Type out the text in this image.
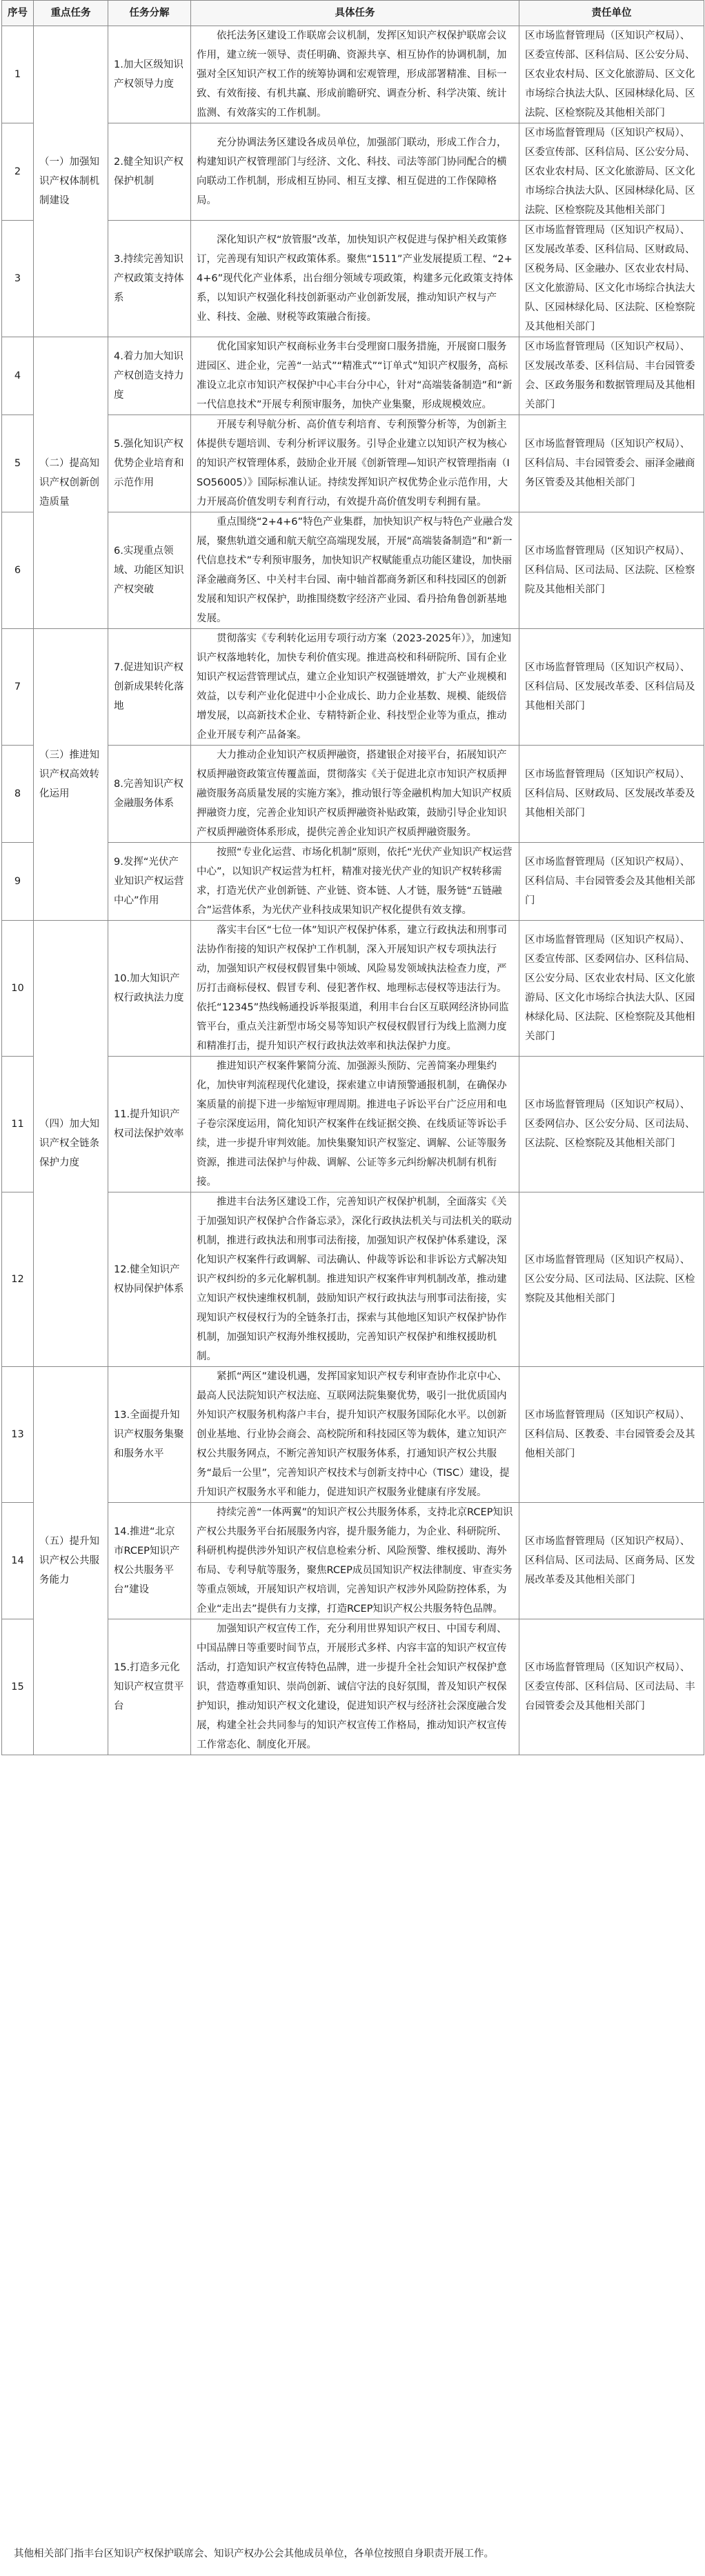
序号	重点任务	任务分解	具体任务	责任单位
1	（一）加强知识产权体制机制建设	1.加大区级知识产权领导力度	依托法务区建设工作联席会议机制，发挥区知识产权保护联席会议作用，建立统一领导、责任明确、资源共享、相互协作的协调机制，加强对全区知识产权工作的统筹协调和宏观管理，形成部署精准、目标一致、有效衔接、有机共赢、形成前瞻研究、调查分析、科学决策、统计监测、有效落实的工作机制。	区市场监督管理局（区知识产权局）、区委宣传部、区科信局、区公安分局、区农业农村局、区文化旅游局、区文化市场综合执法大队、区园林绿化局、区法院、区检察院及其他相关部门
2		2.健全知识产权保护机制	充分协调法务区建设各成员单位，加强部门联动，形成工作合力，构建知识产权管理部门与经济、文化、科技、司法等部门协同配合的横向联动工作机制，形成相互协同、相互支撑、相互促进的工作保障格局。	区市场监督管理局（区知识产权局）、区委宣传部、区科信局、区公安分局、区农业农村局、区文化旅游局、区文化市场综合执法大队、区园林绿化局、区法院、区检察院及其他相关部门
3		3.持续完善知识产权政策支持体系	深化知识产权“放管服”改革，加快知识产权促进与保护相关政策修订，完善现有知识产权政策体系。聚焦“1511”产业发展提质工程、“2+4+6”现代化产业体系，出台细分领域专项政策，构建多元化政策支持体系，以知识产权强化科技创新驱动产业创新发展，推动知识产权与产业、科技、金融、财税等政策融合衔接。	区市场监督管理局（区知识产权局）、区发展改革委、区科信局、区财政局、区税务局、区金融办、区农业农村局、区文化旅游局、区文化市场综合执法大队、区园林绿化局、区法院、区检察院及其他相关部门
4	（二）提高知识产权创新创造质量	4.着力加大知识产权创造支持力度	优化国家知识产权商标业务丰台受理窗口服务措施，开展窗口服务进园区、进企业，完善“一站式”“精准式”“订单式”知识产权服务，高标准设立北京市知识产权保护中心丰台分中心，针对“高端装备制造”和“新一代信息技术”开展专利预审服务，加快产业集聚，形成规模效应。	区市场监督管理局（区知识产权局）、区发展改革委、区科信局、丰台园管委会、区政务服务和数据管理局及其他相关部门
5		5.强化知识产权优势企业培育和示范作用	开展专利导航分析、高价值专利培育、专利预警分析等，为创新主体提供专题培训、专利分析评议服务。引导企业建立以知识产权为核心的知识产权管理体系，鼓励企业开展《创新管理—知识产权管理指南（ISO56005）》国际标准认证。持续发挥知识产权优势企业示范作用，大力开展高价值发明专利育行动，有效提升高价值发明专利拥有量。	区市场监督管理局（区知识产权局）、区科信局、丰台园管委会、丽泽金融商务区管委及其他相关部门
6		6.实现重点领域、功能区知识产权突破	重点围绕“2+4+6”特色产业集群，加快知识产权与特色产业融合发展，聚焦轨道交通和航天航空高端现发展，开展“高端装备制造”和“新一代信息技术”专利预审服务，加快知识产权赋能重点功能区建设，加快丽泽金融商务区、中关村丰台园、南中轴首都商务新区和科技园区的创新发展和知识产权保护，助推围绕数字经济产业园、看丹拾角鲁创新基地发展。	区市场监督管理局（区知识产权局）、区科信局、区司法局、区法院、区检察院及其他相关部门
7	（三）推进知识产权高效转化运用	7.促进知识产权创新成果转化落地	贯彻落实《专利转化运用专项行动方案（2023-2025年）》，加速知识产权落地转化，加快专利价值实现。推进高校和科研院所、国有企业知识产权运营管理试点，建立企业知识产权强链增效，扩大产业规模和效益，以专利产业化促进中小企业成长、助力企业基数、规模、能级倍增发展，以高新技术企业、专精特新企业、科技型企业等为重点，推动企业开展专利产品备案。	区市场监督管理局（区知识产权局）、区科信局、区发展改革委、区科信局及其他相关部门
8		8.完善知识产权金融服务体系	大力推动企业知识产权质押融资，搭建银企对接平台，拓展知识产权质押融资政策宣传覆盖面，贯彻落实《关于促进北京市知识产权质押融资服务高质量发展的实施方案》，推动银行等金融机构加大知识产权质押融资力度，完善企业知识产权质押融资补贴政策，鼓励引导企业知识产权质押融资体系形成，提供完善企业知识产权质押融资服务。	区市场监督管理局（区知识产权局）、区科信局、区财政局、区发展改革委及其他相关部门
9		9.发挥“光伏产业知识产权运营中心”作用	按照“专业化运营、市场化机制”原则，依托“光伏产业知识产权运营中心”，以知识产权运营为杠杆，精准对接光伏产业的知识产权转移需求，打造光伏产业创新链、产业链、资本链、人才链，服务链“五链融合”运营体系，为光伏产业科技成果知识产权化提供有效支撑。	区市场监督管理局（区知识产权局）、区科信局、丰台园管委会及其他相关部门
10	（四）加大知识产权全链条保护力度	10.加大知识产权行政执法力度	落实丰台区“七位一体”知识产权保护体系，建立行政执法和刑事司法协作衔接的知识产权保护工作机制，深入开展知识产权专项执法行动，加强知识产权侵权假冒集中领域、风险易发领域执法检查力度，严厉打击商标侵权、假冒专利、侵犯著作权、地理标志侵权等违法行为。依托“12345”热线畅通投诉举报渠道，利用丰台台区互联网经济协同监管平台，重点关注新型市场交易等知识产权侵权假冒行为线上监测力度和精准打击，提升知识产权行政执法效率和执法保护力度。	区市场监督管理局（区知识产权局）、区委宣传部、区委网信办、区科信局、区公安分局、区农业农村局、区文化旅游局、区文化市场综合执法大队、区园林绿化局、区法院、区检察院及其他相关部门
11		11.提升知识产权司法保护效率	推进知识产权案件繁简分流、加强源头预防、完善简案办理集约化，加快审判流程现代化建设，探索建立申请预警通报机制，在确保办案质量的前提下进一步缩短审理周期。推进电子诉讼平台广泛应用和电子卷宗深度运用，简化知识产权案件在线证据交换、在线质证等诉讼手续，进一步提升审判效能。加快集聚知识产权鉴定、调解、公证等服务资源，推进司法保护与仲裁、调解、公证等多元纠纷解决机制有机衔接。	区市场监督管理局（区知识产权局）、区委网信办、区公安分局、区司法局、区法院、区检察院及其他相关部门
12		12.健全知识产权协同保护体系	推进丰台法务区建设工作，完善知识产权保护机制，全面落实《关于加强知识产权保护合作备忘录》，深化行政执法机关与司法机关的联动机制，推进行政执法和刑事司法衔接，加强知识产权保护体系建设，深化知识产权案件行政调解、司法确认、仲裁等诉讼和非诉讼方式解决知识产权纠纷的多元化解机制。推进知识产权案件审判机制改革，推动建立知识产权快速维权机制，鼓励知识产权行政执法与刑事司法衔接，实现知识产权侵权行为的全链条打击，探索与其他地区知识产权保护协作机制，加强知识产权海外维权援助，完善知识产权保护和维权援助机制。	区市场监督管理局（区知识产权局）、区公安分局、区司法局、区法院、区检察院及其他相关部门
13	（五）提升知识产权公共服务能力	13.全面提升知识产权服务集聚和服务水平	紧抓“两区”建设机遇，发挥国家知识产权专利审查协作北京中心、最高人民法院知识产权法庭、互联网法院集聚优势，吸引一批优质国内外知识产权服务机构落户丰台，提升知识产权服务国际化水平。以创新创业基地、行业协会商会、高校院所和科技园区等为载体，建立知识产权公共服务网点，不断完善知识产权服务体系，打通知识产权公共服务“最后一公里”，完善知识产权技术与创新支持中心（TISC）建设，提升知识产权服务水平和能力，促进知识产权服务业健康有序发展。	区市场监督管理局（区知识产权局）、区科信局、区教委、丰台园管委会及其他相关部门
14		14.推进“北京市RCEP知识产权公共服务平台”建设	持续完善“一体两翼”的知识产权公共服务体系，支持北京RCEP知识产权公共服务平台拓展服务内容，提升服务能力，为企业、科研院所、科研机构提供涉外知识产权信息检索分析、风险预警、维权援助、海外布局、专利导航等服务，聚焦RCEP成员国知识产权法律制度、审查实务等重点领域，开展知识产权培训，完善知识产权涉外风险防控体系，为企业“走出去”提供有力支撑，打造RCEP知识产权公共服务特色品牌。	区市场监督管理局（区知识产权局）、区科信局、区司法局、区商务局、区发展改革委及其他相关部门
15		15.打造多元化知识产权宣贯平台	加强知识产权宣传工作，充分利用世界知识产权日、中国专利周、中国品牌日等重要时间节点，开展形式多样、内容丰富的知识产权宣传活动，打造知识产权宣传特色品牌，进一步提升全社会知识产权保护意识，营造尊重知识、崇尚创新、诚信守法的良好氛围，普及知识产权保护知识，推动知识产权文化建设，促进知识产权与经济社会深度融合发展，构建全社会共同参与的知识产权宣传工作格局，推动知识产权宣传工作常态化、制度化开展。	区市场监督管理局（区知识产权局）、区委宣传部、区科信局、区司法局、丰台园管委会及其他相关部门
其他相关部门指丰台区知识产权保护联席会、知识产权办公会其他成员单位，各单位按照自身职责开展工作。
